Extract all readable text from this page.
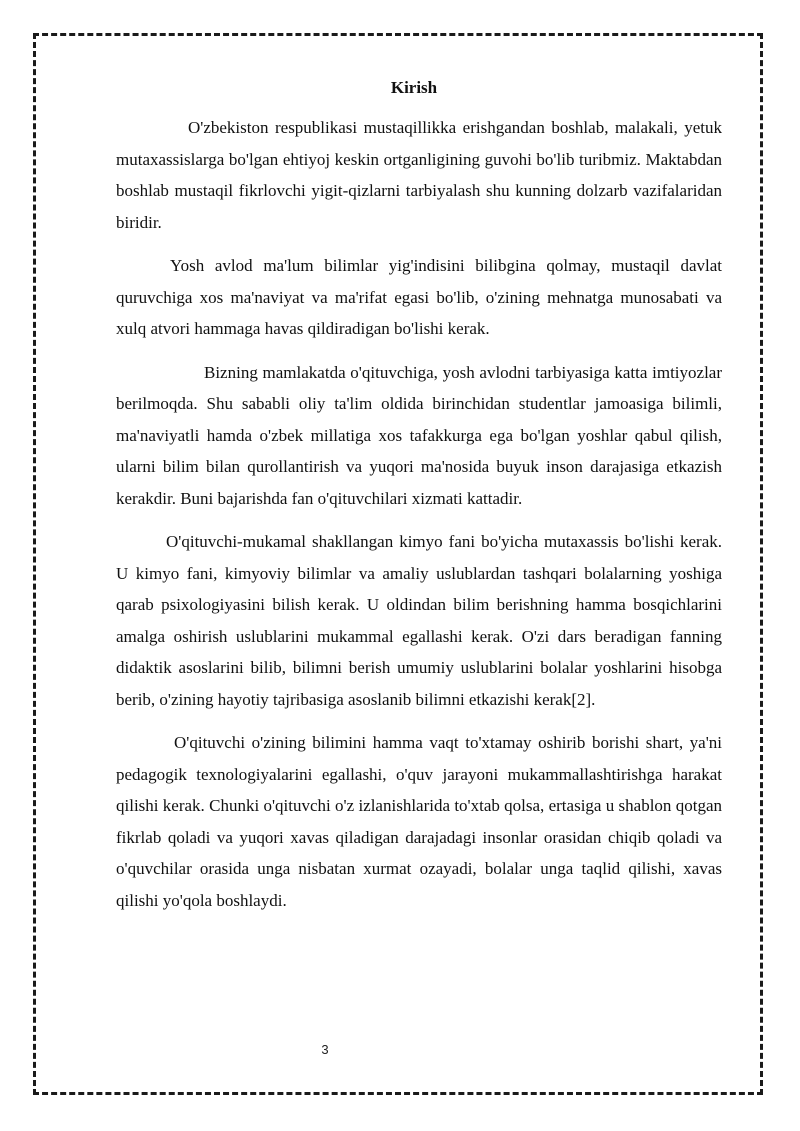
Kirish

O'zbekiston respublikasi mustaqillikka erishgandan boshlab, malakali, yetuk mutaxassislarga bo'lgan ehtiyoj keskin ortganligining guvohi bo'lib turibmiz. Maktabdan boshlab mustaqil fikrlovchi yigit-qizlarni tarbiyalash shu kunning dolzarb vazifalaridan biridir.

Yosh avlod ma'lum bilimlar yig'indisini bilibgina qolmay, mustaqil davlat quruvchiga xos ma'naviyat va ma'rifat egasi bo'lib, o'zining mehnatga munosabati va xulq atvori hammaga havas qildiradigan bo'lishi kerak.

Bizning mamlakatda o'qituvchiga, yosh avlodni tarbiyasiga katta imtiyozlar berilmoqda. Shu sababli oliy ta'lim oldida birinchidan studentlar jamoasiga bilimli, ma'naviyatli hamda o'zbek millatiga xos tafakkurga ega bo'lgan yoshlar qabul qilish, ularni bilim bilan qurollantirish va yuqori ma'nosida buyuk inson darajasiga etkazish kerakdir. Buni bajarishda fan o'qituvchilari xizmati kattadir.

O'qituvchi-mukamal shakllangan kimyo fani bo'yicha mutaxassis bo'lishi kerak. U kimyo fani, kimyoviy bilimlar va amaliy uslublardan tashqari bolalarning yoshiga qarab psixologiyasini bilish kerak. U oldindan bilim berishning hamma bosqichlarini amalga oshirish uslublarini mukammal egallashi kerak. O'zi dars beradigan fanning didaktik asoslarini bilib, bilimni berish umumiy uslublarini bolalar yoshlarini hisobga berib, o'zining hayotiy tajribasiga asoslanib bilimni etkazishi kerak[2].

O'qituvchi o'zining bilimini hamma vaqt to'xtamay oshirib borishi shart, ya'ni pedagogik texnologiyalarini egallashi, o'quv jarayoni mukammallashtirishga harakat qilishi kerak. Chunki o'qituvchi o'z izlanishlarida to'xtab qolsa, ertasiga u shablon qotgan fikrlab qoladi va yuqori xavas qiladigan darajadagi insonlar orasidan chiqib qoladi va o'quvchilar orasida unga nisbatan xurmat ozayadi, bolalar unga taqlid qilishi, xavas qilishi yo'qola boshlaydi.

3
